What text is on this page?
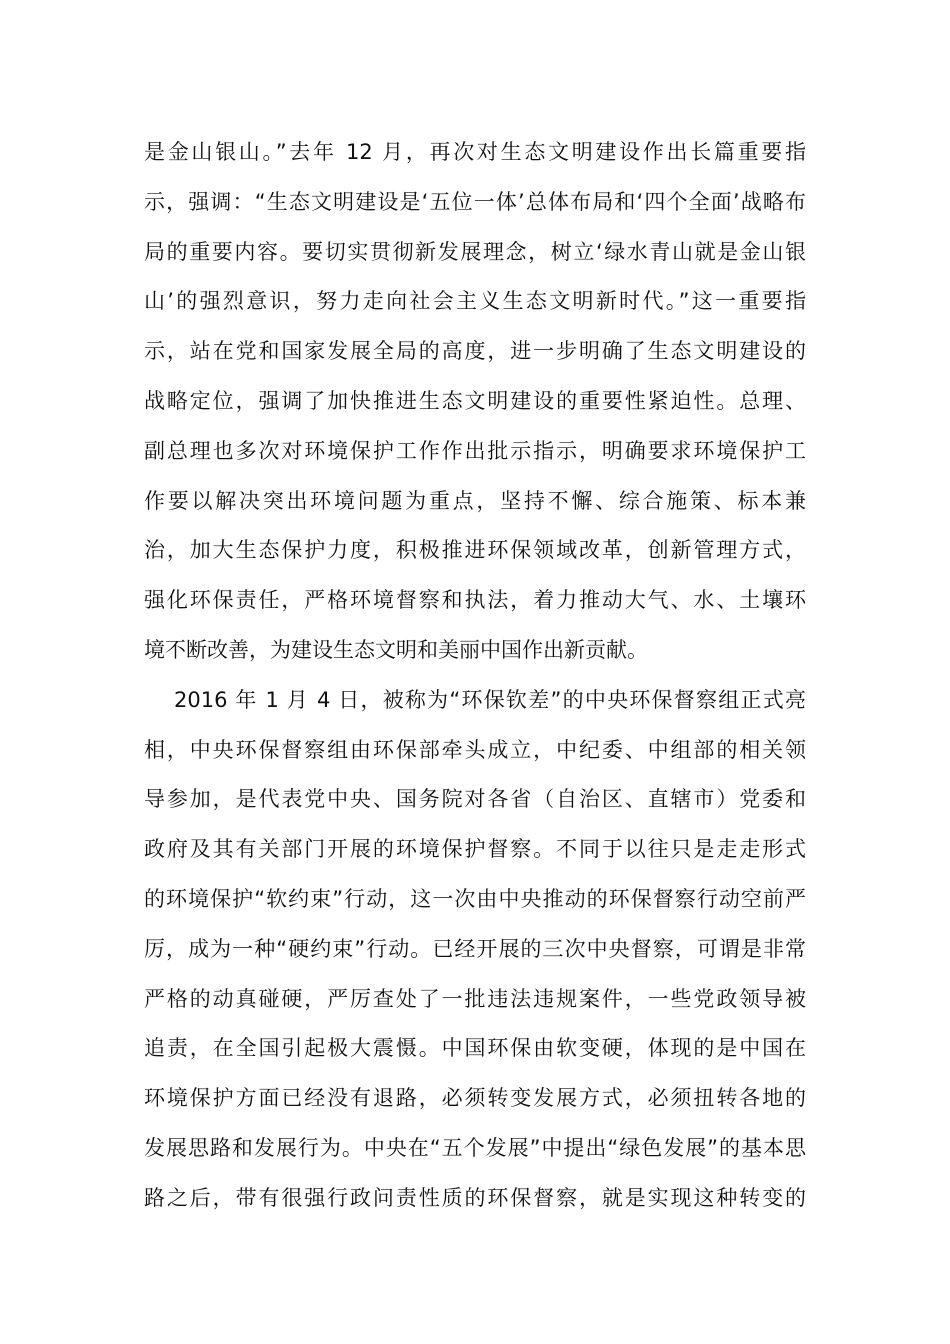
是金山银山。”去年 12 月，再次对生态文明建设作出长篇重要指
示，强调：“生态文明建设是‘五位一体’总体布局和‘四个全面’战略布
局的重要内容。要切实贯彻新发展理念，树立‘绿水青山就是金山银
山’的强烈意识，努力走向社会主义生态文明新时代。”这一重要指
示，站在党和国家发展全局的高度，进一步明确了生态文明建设的
战略定位，强调了加快推进生态文明建设的重要性紧迫性。总理、
副总理也多次对环境保护工作作出批示指示，明确要求环境保护工
作要以解决突出环境问题为重点，坚持不懈、综合施策、标本兼
治，加大生态保护力度，积极推进环保领域改革，创新管理方式，
强化环保责任，严格环境督察和执法，着力推动大气、水、土壤环
境不断改善，为建设生态文明和美丽中国作出新贡献。
2016 年 1 月 4 日，被称为“环保钦差”的中央环保督察组正式亮
相，中央环保督察组由环保部牵头成立，中纪委、中组部的相关领
导参加，是代表党中央、国务院对各省（自治区、直辖市）党委和
政府及其有关部门开展的环境保护督察。不同于以往只是走走形式
的环境保护“软约束”行动，这一次由中央推动的环保督察行动空前严
厉，成为一种“硬约束”行动。已经开展的三次中央督察，可谓是非常
严格的动真碰硬，严厉查处了一批违法违规案件，一些党政领导被
追责，在全国引起极大震慑。中国环保由软变硬，体现的是中国在
环境保护方面已经没有退路，必须转变发展方式，必须扭转各地的
发展思路和发展行为。中央在“五个发展”中提出“绿色发展”的基本思
路之后，带有很强行政问责性质的环保督察，就是实现这种转变的
